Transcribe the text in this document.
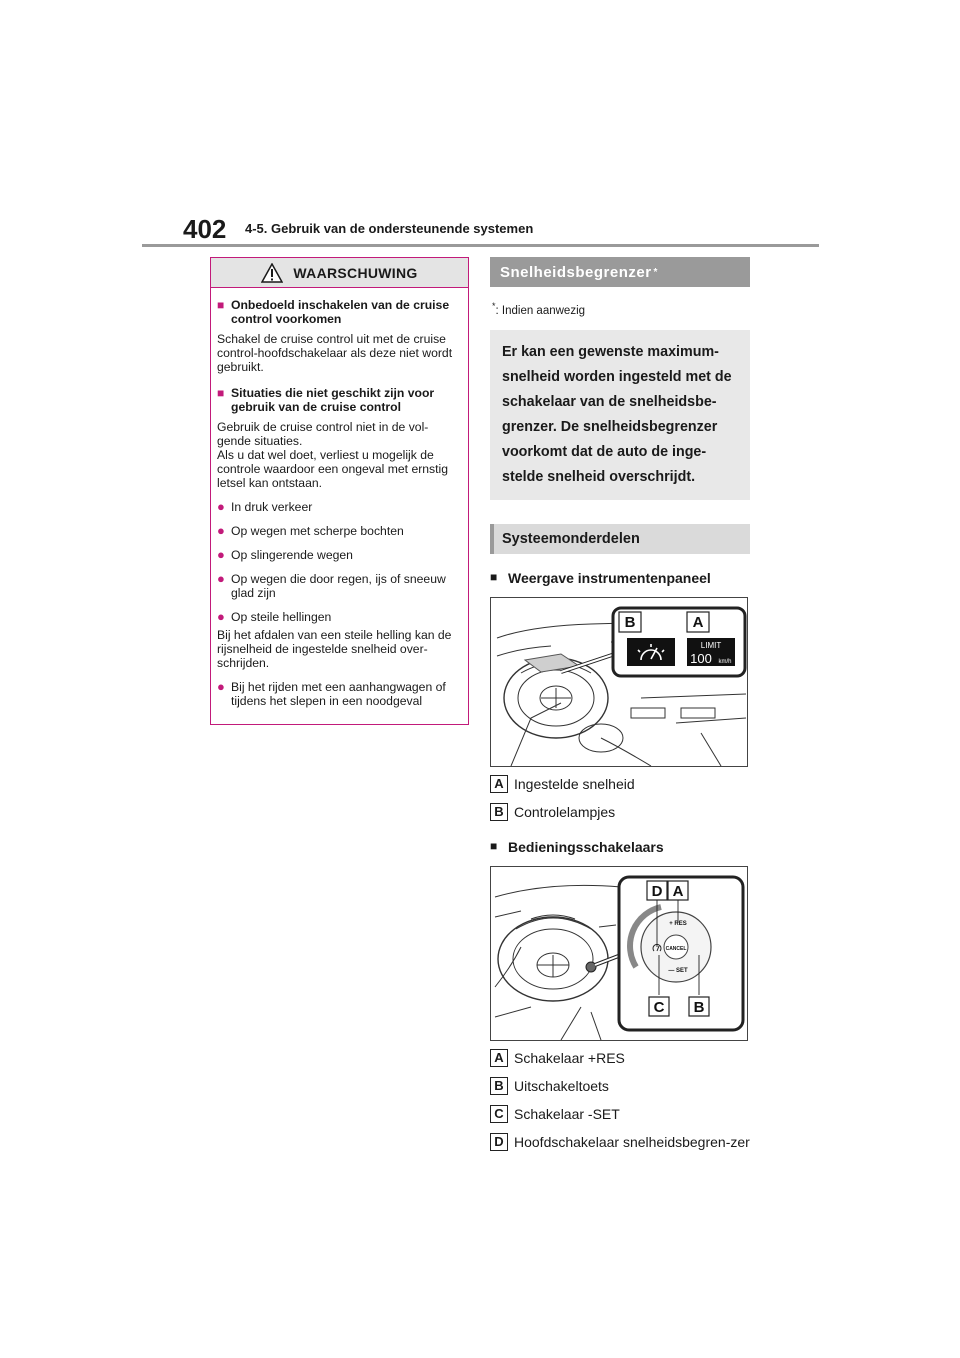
402 4-5. Gebruik van de ondersteunende systemen
WAARSCHUWING
■ Onbedoeld inschakelen van de cruise control voorkomen
Schakel de cruise control uit met de cruise control-hoofdschakelaar als deze niet wordt gebruikt.
■ Situaties die niet geschikt zijn voor gebruik van de cruise control
Gebruik de cruise control niet in de vol-
gende situaties.
Als u dat wel doet, verliest u mogelijk de
controle waardoor een ongeval met ernstig
letsel kan ontstaan.
● In druk verkeer
● Op wegen met scherpe bochten
● Op slingerende wegen
● Op wegen die door regen, ijs of sneeuw glad zijn
● Op steile hellingen
Bij het afdalen van een steile helling kan de rijsnelheid de ingestelde snelheid over-schrijden.
● Bij het rijden met een aanhangwagen of tijdens het slepen in een noodgeval
Snelheidsbegrenzer *
*: Indien aanwezig
Er kan een gewenste maximum-snelheid worden ingesteld met de schakelaar van de snelheidsbe-grenzer. De snelheidsbegrenzer voorkomt dat de auto de inge-stelde snelheid overschrijdt.
Systeemonderdelen
■ Weergave instrumentenpaneel
B	A
LIMIT
100 km/h
A Ingestelde snelheid
B Controlelampjes
■ Bedieningsschakelaars
CANCEL
+ RES
— SET
D A
C B
A Schakelaar +RES
B Uitschakeltoets
C Schakelaar -SET
D Hoofdschakelaar snelheidsbegren-zer
